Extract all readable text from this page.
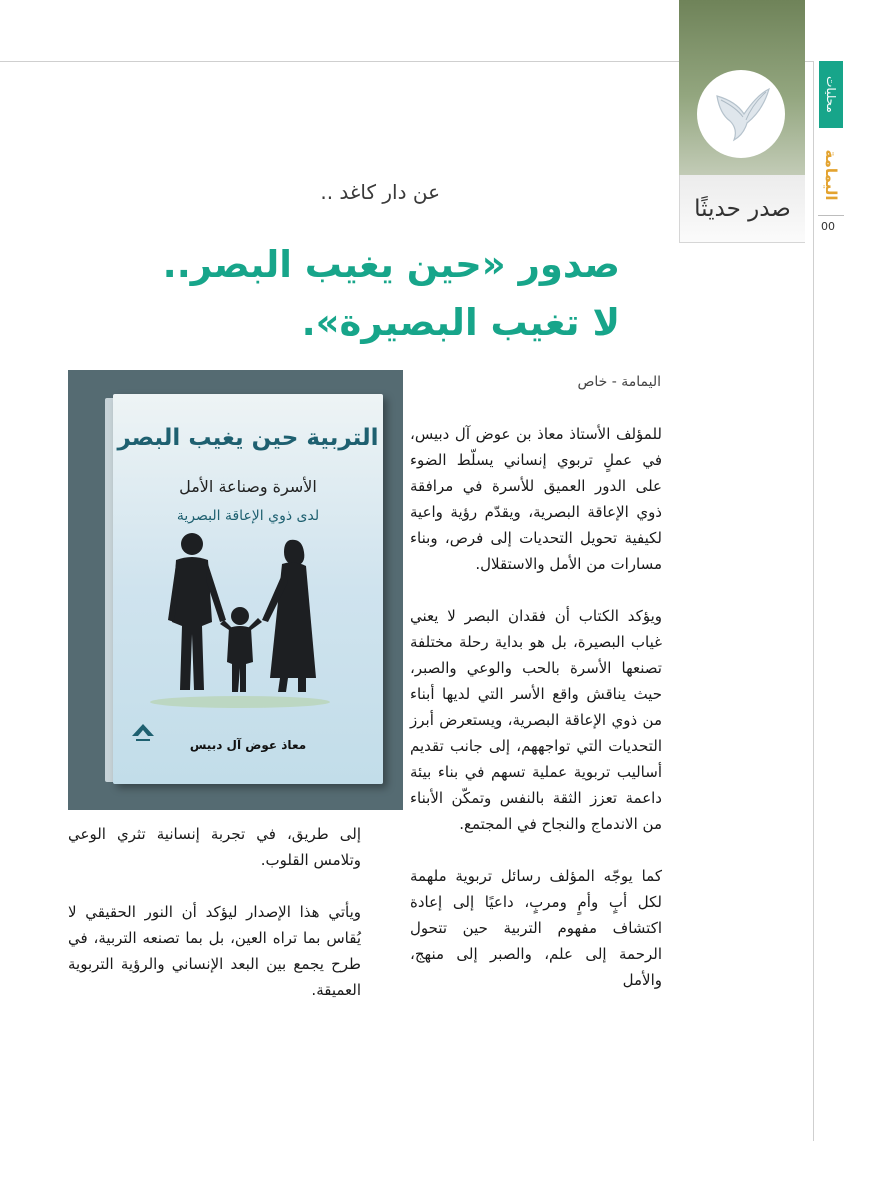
محليات
اليمامة
00
صدر حديثًا
عن دار كاغد ..
صدور «حين يغيب البصر..
لا تغيب البصيرة».
التربية حين يغيب البصر
الأسرة وصناعة الأمل
لدى ذوي الإعاقة البصرية
معاذ عوض آل دبيس
اليمامة - خاص

للمؤلف الأستاذ معاذ بن عوض آل دبيس، في عملٍ تربوي إنساني يسلّط الضوء على الدور العميق للأسرة في مرافقة ذوي الإعاقة البصرية، ويقدّم رؤية واعية لكيفية تحويل التحديات إلى فرص، وبناء مسارات من الأمل والاستقلال.

ويؤكد الكتاب أن فقدان البصر لا يعني غياب البصيرة، بل هو بداية رحلة مختلفة تصنعها الأسرة بالحب والوعي والصبر، حيث يناقش واقع الأسر التي لديها أبناء من ذوي الإعاقة البصرية، ويستعرض أبرز التحديات التي تواجههم، إلى جانب تقديم أساليب تربوية عملية تسهم في بناء بيئة داعمة تعزز الثقة بالنفس وتمكّن الأبناء من الاندماج والنجاح في المجتمع.

كما يوجّه المؤلف رسائل تربوية ملهمة لكل أبٍ وأمٍ ومربٍ، داعيًا إلى إعادة اكتشاف مفهوم التربية حين تتحول الرحمة إلى علم، والصبر إلى منهج، والأمل

إلى طريق، في تجربة إنسانية تثري الوعي وتلامس القلوب.

ويأتي هذا الإصدار ليؤكد أن النور الحقيقي لا يُقاس بما تراه العين، بل بما تصنعه التربية، في طرح يجمع بين البعد الإنساني والرؤية التربوية العميقة.
